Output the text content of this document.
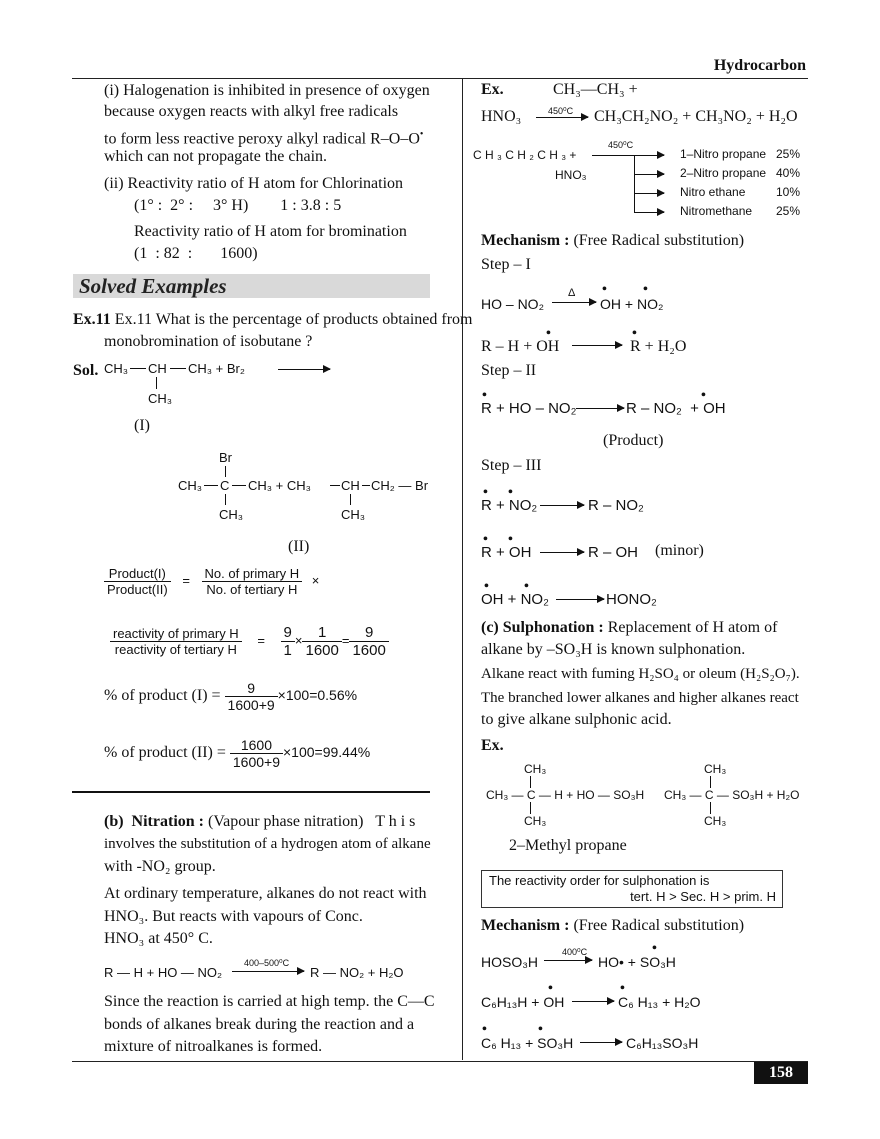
Hydrocarbon
(i) Halogenation is inhibited in presence of oxygen
because oxygen reacts with alkyl free radicals
to form less reactive peroxy alkyl radical R–O–O•
which can not propagate the chain.
(ii) Reactivity ratio of H atom for Chlorination
(1° :  2° :     3° H)        1 : 3.8 : 5
Reactivity ratio of H atom for bromination
(1  : 82  :       1600)
Solved Examples
Ex.11 Ex.11 What is the percentage of products obtained from
monobromination of isobutane ?
Sol. CH₃ CH CH₃ + Br₂
CH₃
(I)
Br
CH₃ C CH₃ + CH₃ CH CH₂ — Br
CH₃	CH₃
(II)
$\frac{\text{Product(I)}}{\text{Product(II)}} = \frac{\text{No. of primary H}}{\text{No. of tertiary H}}$ ×
$\frac{\text{reactivity of primary H}}{\text{reactivity of tertiary H}} = \frac{9}{1} \times \frac{1}{1600} = \frac{9}{1600}$
% of product $(I) = \frac{9}{1600+9} \times 100=0.56\%$
% of product $(II) = \frac{1600}{1600+9} \times 100=99.44\%$
(b)  Nitration : (Vapour phase nitration)   T h i s
involves the substitution of a hydrogen atom of alkane
with -NO₂ group.
At ordinary temperature, alkanes do not react with
HNO₃. But reacts with vapours of Conc.
HNO₃ at 450° C.
R — H + HO — NO₂
400–500⁰C
R — NO₂ + H₂O
Since the reaction is carried at high temp. the C—C
bonds of alkanes break during the reaction and a
mixture of nitroalkanes is formed.
Ex.	CH₃—CH₃ +
HNO₃	450⁰C CH₃CH₂NO₂ + CH₃NO₂ + H₂O
C H ₃ C H ₂ C H ₃ +
HNO₃
450⁰C
1–Nitro propane 25%
2–Nitro propane 40%
Nitro ethane	10%
Nitromethane 25%
Mechanism : (Free Radical substitution)
Step – I
HO – NO₂
Δ
OH + NO₂
•	•
R – H + OH
•
R + H₂O
•
Step – II
R + HO – NO₂
•
R – NO₂  + OH
•
(Product)
Step – III
R + NO₂
• •
R – NO₂
R + OH
• •
R – OH (minor)
OH + NO₂
•	•
HONO₂
(c) Sulphonation : Replacement of H atom of
alkane by –SO₃H is known sulphonation.
Alkane react with fuming H₂SO₄ or oleum (H₂S₂O₇).
The branched lower alkanes and higher alkanes react
to give alkane sulphonic acid.
Ex.
CH₃
CH₃ — C — H + HO — SO₃H
CH₃
CH₃
CH₃ — C — SO₃H + H₂O
CH₃
2–Methyl propane
The reactivity order for sulphonation is
tert. H > Sec. H > prim. H
Mechanism : (Free Radical substitution)
HOSO₃H
400⁰C
HO• + SO₃H
•
C₆H₁₃H + OH
•
C₆ H₁₃ + H₂O
•
C₆ H₁₃ + SO₃H
•	•
C₆H₁₃SO₃H
158
